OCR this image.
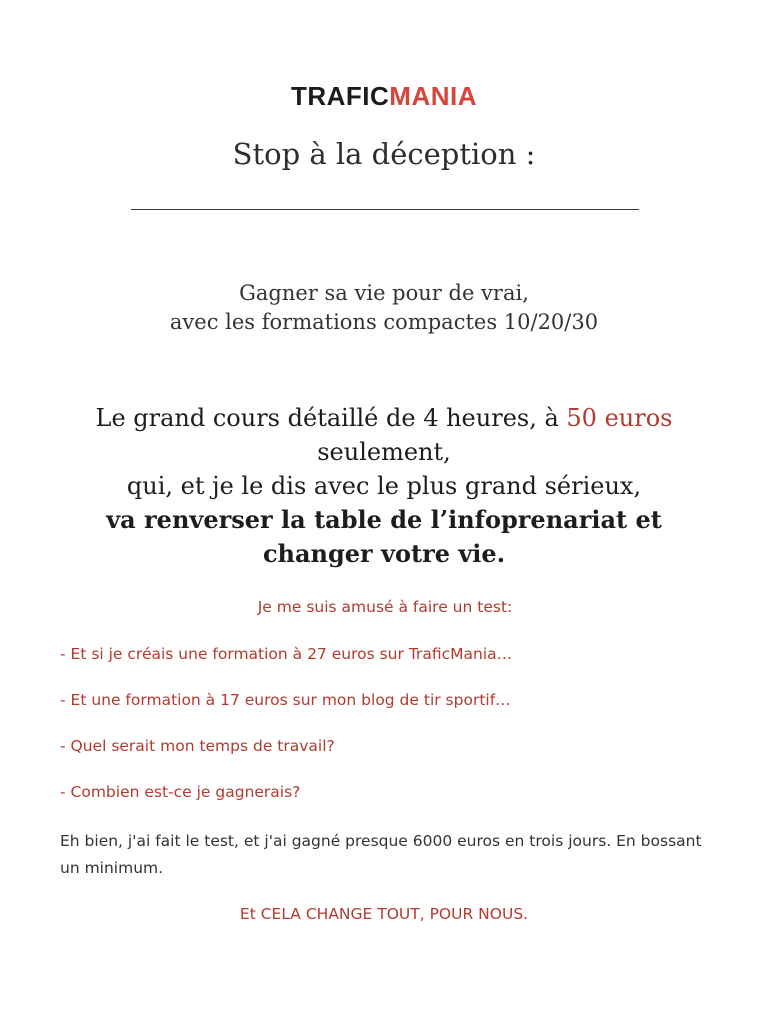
TRAFICMANIA
Stop à la déception :
Gagner sa vie pour de vrai,
avec les formations compactes 10/20/30
Le grand cours détaillé de 4 heures, à 50 euros
seulement,
qui, et je le dis avec le plus grand sérieux,
va renverser la table de l’infoprenariat et changer votre vie.

Je me suis amusé à faire un test:

- Et si je créais une formation à 27 euros sur TraficMania…
- Et une formation à 17 euros sur mon blog de tir sportif…
- Quel serait mon temps de travail?
- Combien est-ce je gagnerais?
Eh bien, j'ai fait le test, et j'ai gagné presque 6000 euros en trois jours. En bossant un minimum.
Et CELA CHANGE TOUT, POUR NOUS.
